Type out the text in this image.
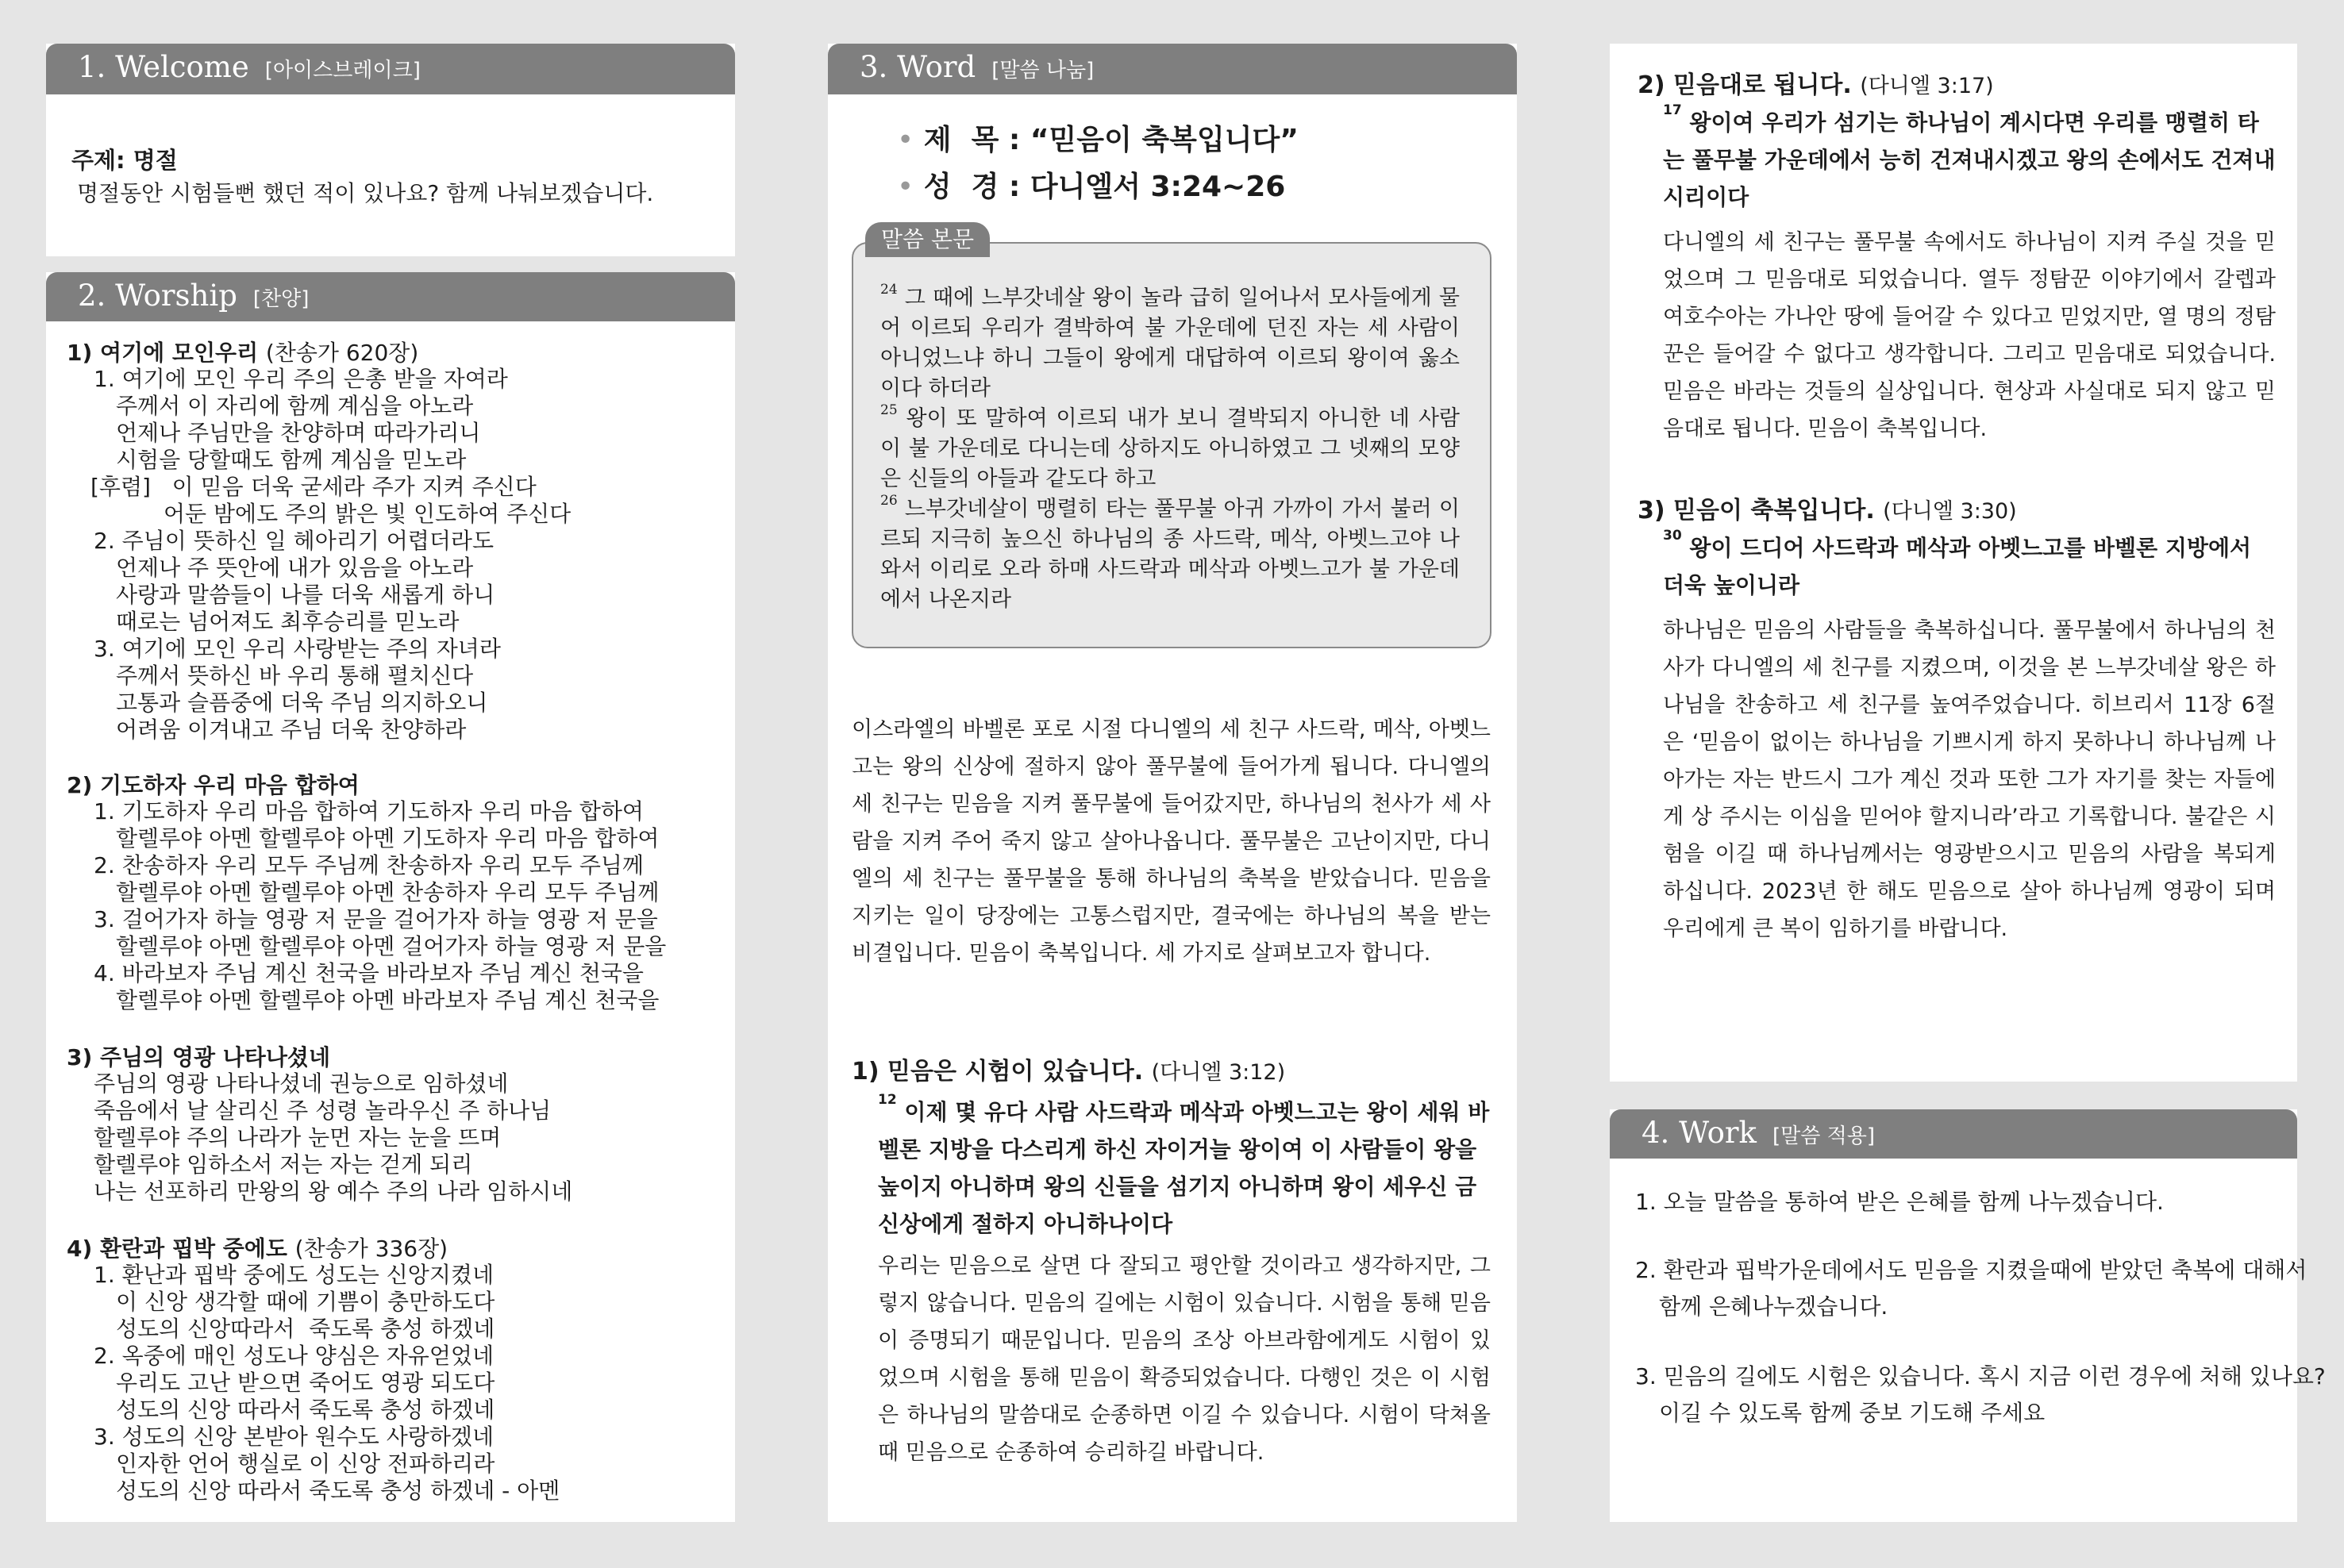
1. Welcome [아이스브레이크]
주제: 명절
명절동안 시험들뻔 했던 적이 있나요? 함께 나눠보겠습니다.
2. Worship [찬양]
1) 여기에 모인우리 (찬송가 620장)
1. 여기에 모인 우리 주의 은총 받을 자여라
주께서 이 자리에 함께 계심을 아노라
언제나 주님만을 찬양하며 따라가리니
시험을 당할때도 함께 계심을 믿노라
[후렴]   이 믿음 더욱 굳세라 주가 지켜 주신다
어둔 밤에도 주의 밝은 빛 인도하여 주신다
2. 주님이 뜻하신 일 헤아리기 어렵더라도
언제나 주 뜻안에 내가 있음을 아노라
사랑과 말씀들이 나를 더욱 새롭게 하니
때로는 넘어져도 최후승리를 믿노라
3. 여기에 모인 우리 사랑받는 주의 자녀라
주께서 뜻하신 바 우리 통해 펼치신다
고통과 슬픔중에 더욱 주님 의지하오니
어려움 이겨내고 주님 더욱 찬양하라
2) 기도하자 우리 마음 합하여
1. 기도하자 우리 마음 합하여 기도하자 우리 마음 합하여
할렐루야 아멘 할렐루야 아멘 기도하자 우리 마음 합하여
2. 찬송하자 우리 모두 주님께 찬송하자 우리 모두 주님께
할렐루야 아멘 할렐루야 아멘 찬송하자 우리 모두 주님께
3. 걸어가자 하늘 영광 저 문을 걸어가자 하늘 영광 저 문을
할렐루야 아멘 할렐루야 아멘 걸어가자 하늘 영광 저 문을
4. 바라보자 주님 계신 천국을 바라보자 주님 계신 천국을
할렐루야 아멘 할렐루야 아멘 바라보자 주님 계신 천국을
3) 주님의 영광 나타나셨네
주님의 영광 나타나셨네 권능으로 임하셨네
죽음에서 날 살리신 주 성령 놀라우신 주 하나님
할렐루야 주의 나라가 눈먼 자는 눈을 뜨며
할렐루야 임하소서 저는 자는 걷게 되리
나는 선포하리 만왕의 왕 예수 주의 나라 임하시네
4) 환란과 핍박 중에도 (찬송가 336장)
1. 환난과 핍박 중에도 성도는 신앙지켰네
이 신앙 생각할 때에 기쁨이 충만하도다
성도의 신앙따라서  죽도록 충성 하겠네
2. 옥중에 매인 성도나 양심은 자유얻었네
우리도 고난 받으면 죽어도 영광 되도다
성도의 신앙 따라서 죽도록 충성 하겠네
3. 성도의 신앙 본받아 원수도 사랑하겠네
인자한 언어 행실로 이 신앙 전파하리라
성도의 신앙 따라서 죽도록 충성 하겠네 - 아멘
3. Word [말씀 나눔]
• 제  목 : “믿음이 축복입니다”
• 성  경 : 다니엘서 3:24~26
$^{24}$ 그 때에 느부갓네살 왕이 놀라 급히 일어나서 모사들에게 물어 이르되 우리가 결박하여 불 가운데에 던진 자는 세 사람이 아니었느냐 하니 그들이 왕에게 대답하여 이르되 왕이여 옳소이다 하더라
$^{25}$ 왕이 또 말하여 이르되 내가 보니 결박되지 아니한 네 사람이 불 가운데로 다니는데 상하지도 아니하였고 그 넷째의 모양은 신들의 아들과 같도다 하고
$^{26}$ 느부갓네살이 맹렬히 타는 풀무불 아귀 가까이 가서 불러 이르되 지극히 높으신 하나님의 종 사드락, 메삭, 아벳느고야 나와서 이리로 오라 하매 사드락과 메삭과 아벳느고가 불 가운데에서 나온지라
말씀 본문
이스라엘의 바벨론 포로 시절 다니엘의 세 친구 사드락, 메삭, 아벳느고는 왕의 신상에 절하지 않아 풀무불에 들어가게 됩니다. 다니엘의 세 친구는 믿음을 지켜 풀무불에 들어갔지만, 하나님의 천사가 세 사람을 지켜 주어 죽지 않고 살아나옵니다. 풀무불은 고난이지만, 다니엘의 세 친구는 풀무불을 통해 하나님의 축복을 받았습니다. 믿음을 지키는 일이 당장에는 고통스럽지만, 결국에는 하나님의 복을 받는 비결입니다. 믿음이 축복입니다. 세 가지로 살펴보고자 합니다.
1) 믿음은 시험이 있습니다. (다니엘 3:12)
$^{12}$ 이제 몇 유다 사람 사드락과 메삭과 아벳느고는 왕이 세워 바벨론 지방을 다스리게 하신 자이거늘 왕이여 이 사람들이 왕을 높이지 아니하며 왕의 신들을 섬기지 아니하며 왕이 세우신 금 신상에게 절하지 아니하나이다
우리는 믿음으로 살면 다 잘되고 평안할 것이라고 생각하지만, 그렇지 않습니다. 믿음의 길에는 시험이 있습니다. 시험을 통해 믿음이 증명되기 때문입니다. 믿음의 조상 아브라함에게도 시험이 있었으며 시험을 통해 믿음이 확증되었습니다. 다행인 것은 이 시험은 하나님의 말씀대로 순종하면 이길 수 있습니다. 시험이 닥쳐올 때 믿음으로 순종하여 승리하길 바랍니다.
2) 믿음대로 됩니다. (다니엘 3:17)
$^{17}$ 왕이여 우리가 섬기는 하나님이 계시다면 우리를 맹렬히 타는 풀무불 가운데에서 능히 건져내시겠고 왕의 손에서도 건져내시리이다
다니엘의 세 친구는 풀무불 속에서도 하나님이 지켜 주실 것을 믿었으며 그 믿음대로 되었습니다. 열두 정탐꾼 이야기에서 갈렙과 여호수아는 가나안 땅에 들어갈 수 있다고 믿었지만, 열 명의 정탐꾼은 들어갈 수 없다고 생각합니다. 그리고 믿음대로 되었습니다. 믿음은 바라는 것들의 실상입니다. 현상과 사실대로 되지 않고 믿음대로 됩니다. 믿음이 축복입니다.
3) 믿음이 축복입니다. (다니엘 3:30)
$^{30}$ 왕이 드디어 사드락과 메삭과 아벳느고를 바벨론 지방에서 더욱 높이니라
하나님은 믿음의 사람들을 축복하십니다. 풀무불에서 하나님의 천사가 다니엘의 세 친구를 지켰으며, 이것을 본 느부갓네살 왕은 하나님을 찬송하고 세 친구를 높여주었습니다. 히브리서 11장 6절은 ‘믿음이 없이는 하나님을 기쁘시게 하지 못하나니 하나님께 나아가는 자는 반드시 그가 계신 것과 또한 그가 자기를 찾는 자들에게 상 주시는 이심을 믿어야 할지니라’라고 기록합니다. 불같은 시험을 이길 때 하나님께서는 영광받으시고 믿음의 사람을 복되게 하십니다. 2023년 한 해도 믿음으로 살아 하나님께 영광이 되며 우리에게 큰 복이 임하기를 바랍니다.
4. Work [말씀 적용]
1. 오늘 말씀을 통하여 받은 은혜를 함께 나누겠습니다.
2. 환란과 핍박가운데에서도 믿음을 지켰을때에 받았던 축복에 대해서
함께 은혜나누겠습니다.
3. 믿음의 길에도 시험은 있습니다. 혹시 지금 이런 경우에 처해 있나요?
이길 수 있도록 함께 중보 기도해 주세요
